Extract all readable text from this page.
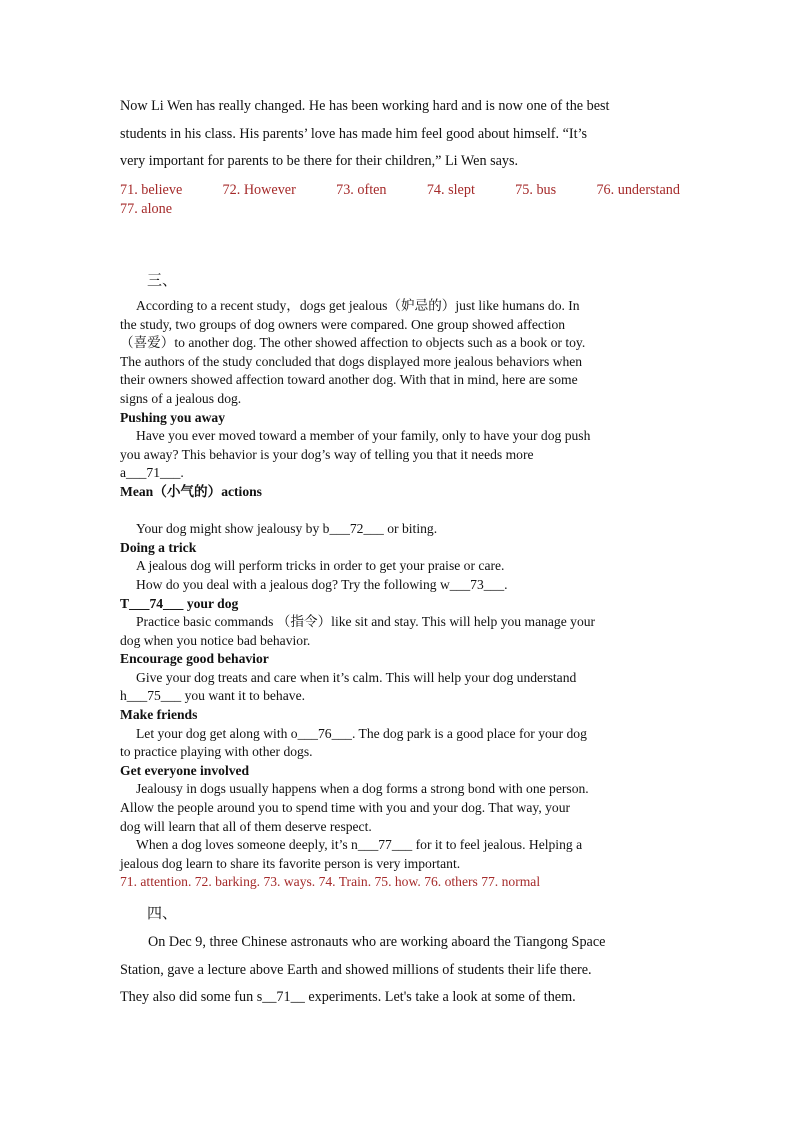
Now Li Wen has really changed. He has been working hard and is now one of the best
students in his class. His parents’ love has made him feel good about himself. “It’s
very important for parents to be there for their children,” Li Wen says.
71. believe	72. However	73. often	74. slept	75. bus	76. understand
77. alone
三、
According to a recent study，dogs get jealous（妒忌的）just like humans do. In
the study, two groups of dog owners were compared. One group showed affection
（喜爱）to another dog. The other showed affection to objects such as a book or toy.
The authors of the study concluded that dogs displayed more jealous behaviors when
their owners showed affection toward another dog. With that in mind, here are some
signs of a jealous dog.
Pushing you away
Have you ever moved toward a member of your family, only to have your dog push
you away? This behavior is your dog’s way of telling you that it needs more
a___71___.
Mean（小气的）actions
Your dog might show jealousy by b___72___ or biting.
Doing a trick
A jealous dog will perform tricks in order to get your praise or care.
How do you deal with a jealous dog? Try the following w___73___.
T___74___ your dog
Practice basic commands （指令）like sit and stay. This will help you manage your
dog when you notice bad behavior.
Encourage good behavior
Give your dog treats and care when it’s calm. This will help your dog understand
h___75___ you want it to behave.
Make friends
Let your dog get along with o___76___. The dog park is a good place for your dog
to practice playing with other dogs.
Get everyone involved
Jealousy in dogs usually happens when a dog forms a strong bond with one person.
Allow the people around you to spend time with you and your dog. That way, your
dog will learn that all of them deserve respect.
When a dog loves someone deeply, it’s n___77___ for it to feel jealous. Helping a
jealous dog learn to share its favorite person is very important.
71. attention. 72. barking. 73. ways. 74. Train. 75. how. 76. others 77. normal
四、
On Dec 9, three Chinese astronauts who are working aboard the Tiangong Space
Station, gave a lecture above Earth and showed millions of students their life there.
They also did some fun s__71__ experiments. Let's take a look at some of them.
